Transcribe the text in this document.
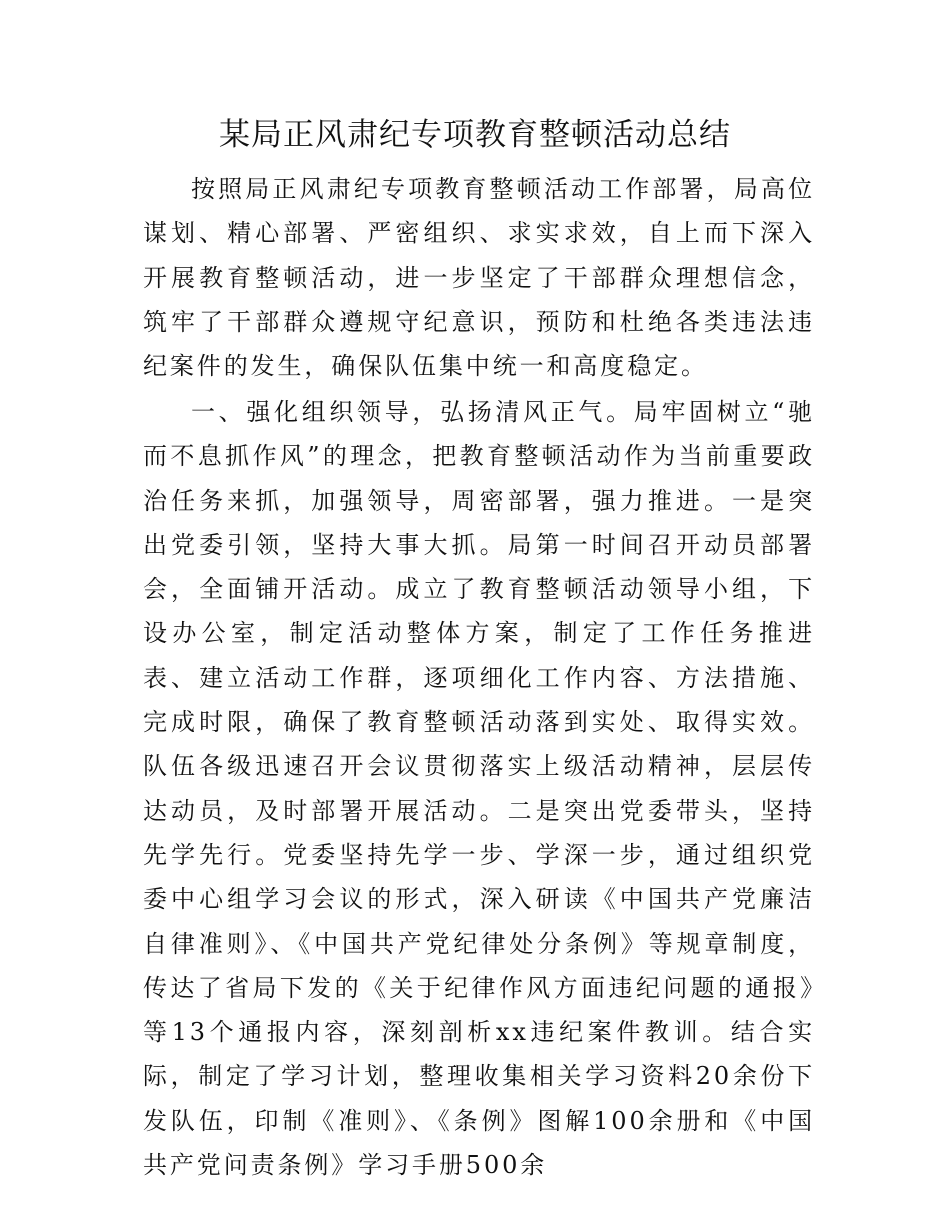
某局正风肃纪专项教育整顿活动总结

按照局正风肃纪专项教育整顿活动工作部署，局高位谋划、精心部署、严密组织、求实求效，自上而下深入开展教育整顿活动，进一步坚定了干部群众理想信念，筑牢了干部群众遵规守纪意识，预防和杜绝各类违法违纪案件的发生，确保队伍集中统一和高度稳定。

一、强化组织领导，弘扬清风正气。局牢固树立“驰而不息抓作风”的理念，把教育整顿活动作为当前重要政治任务来抓，加强领导，周密部署，强力推进。一是突出党委引领，坚持大事大抓。局第一时间召开动员部署会，全面铺开活动。成立了教育整顿活动领导小组，下设办公室，制定活动整体方案，制定了工作任务推进表、建立活动工作群，逐项细化工作内容、方法措施、完成时限，确保了教育整顿活动落到实处、取得实效。队伍各级迅速召开会议贯彻落实上级活动精神，层层传达动员，及时部署开展活动。二是突出党委带头，坚持先学先行。党委坚持先学一步、学深一步，通过组织党委中心组学习会议的形式，深入研读《中国共产党廉洁自律准则》、《中国共产党纪律处分条例》等规章制度，传达了省局下发的《关于纪律作风方面违纪问题的通报》等13个通报内容，深刻剖析xx违纪案件教训。结合实际，制定了学习计划，整理收集相关学习资料20余份下发队伍，印制《准则》、《条例》图解100余册和《中国共产党问责条例》学习手册500余
